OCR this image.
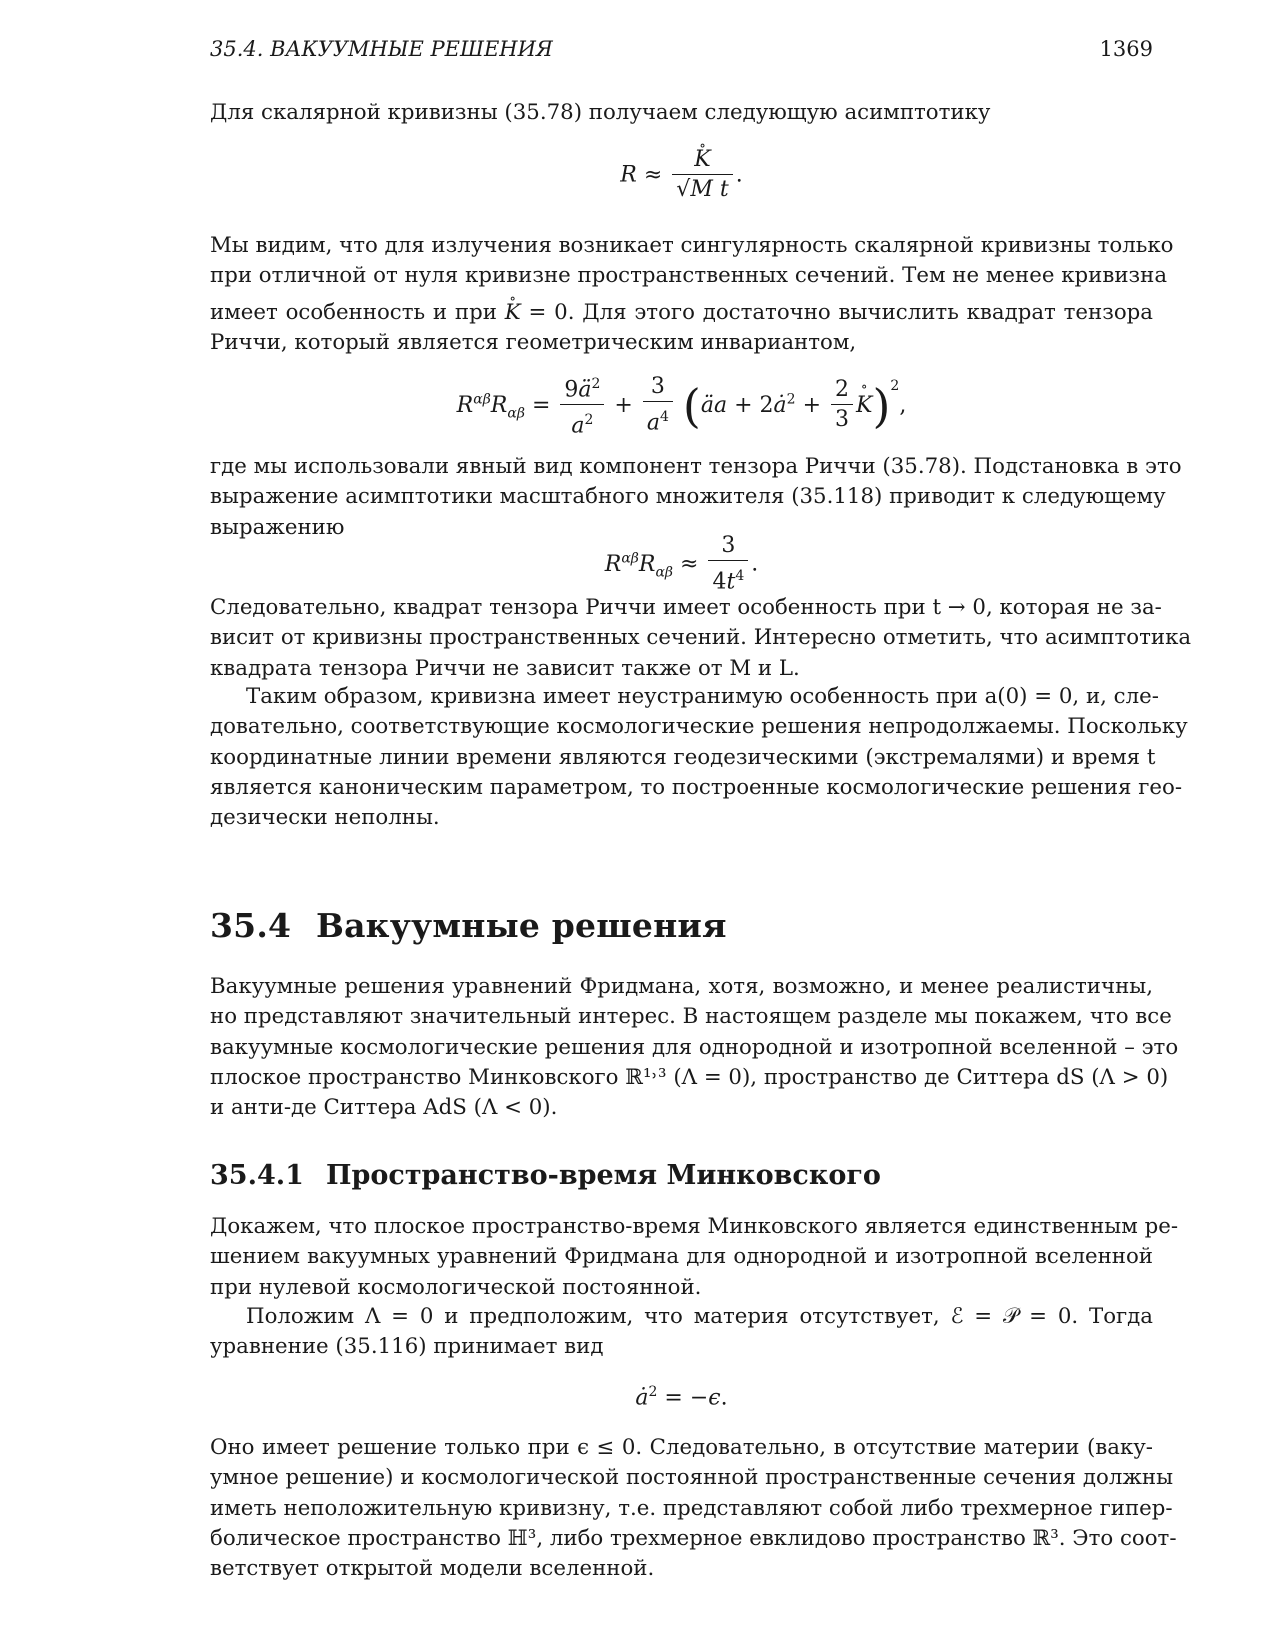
35.4. ВАКУУМНЫЕ РЕШЕНИЯ	1369

Для скалярной кривизны (35.78) получаем следующую асимптотику

R ≈ ∘ $\frac{K}{\text{√M t}}$ .

Мы видим, что для излучения возникает сингулярность скалярной кривизны только
при отличной от нуля кривизне пространственных сечений. Тем не менее кривизна
имеет особенность и при ∘ K = 0. Для этого достаточно вычислить квадрат тензора
Риччи, который является геометрическим инвариантом,

$R^{\alpha\beta}R_{\alpha\beta} = \frac{9ä^2}{a^2} + \frac{3}{a^4}$ (äa + $2ȧ^2 + \frac{2}{3}$ ∘ K)$^2$,

где мы использовали явный вид компонент тензора Риччи (35.78). Подстановка в это
выражение асимптотики масштабного множителя (35.118) приводит к следующему
выражению

$R^{\alpha\beta}R_{\alpha\beta} \approx \frac{3}{4t^4}$ .

Следовательно, квадрат тензора Риччи имеет особенность при t → 0, которая не за-
висит от кривизны пространственных сечений. Интересно отметить, что асимптотика
квадрата тензора Риччи не зависит также от M и L.

Таким образом, кривизна имеет неустранимую особенность при a(0) = 0, и, сле-
довательно, соответствующие космологические решения непродолжаемы. Поскольку
координатные линии времени являются геодезическими (экстремалями) и время t
является каноническим параметром, то построенные космологические решения гео-
дезически неполны.

35.4 Вакуумные решения

Вакуумные решения уравнений Фридмана, хотя, возможно, и менее реалистичны,
но представляют значительный интерес. В настоящем разделе мы покажем, что все
вакуумные космологические решения для однородной и изотропной вселенной – это
плоское пространство Минковского ℝ¹˒³ (Λ = 0), пространство де Ситтера dS (Λ > 0)
и анти-де Ситтера AdS (Λ < 0).

35.4.1 Пространство-время Минковского

Докажем, что плоское пространство-время Минковского является единственным ре-
шением вакуумных уравнений Фридмана для однородной и изотропной вселенной
при нулевой космологической постоянной.

Положим Λ = 0 и предположим, что материя отсутствует, ℰ = 𝒫 = 0. Тогда
уравнение (35.116) принимает вид

$ȧ^2 = -\epsilon$.

Оно имеет решение только при ϵ ≤ 0. Следовательно, в отсутствие материи (ваку-
умное решение) и космологической постоянной пространственные сечения должны
иметь неположительную кривизну, т.е. представляют собой либо трехмерное гипер-
болическое пространство ℍ³, либо трехмерное евклидово пространство ℝ³. Это соот-
ветствует открытой модели вселенной.
